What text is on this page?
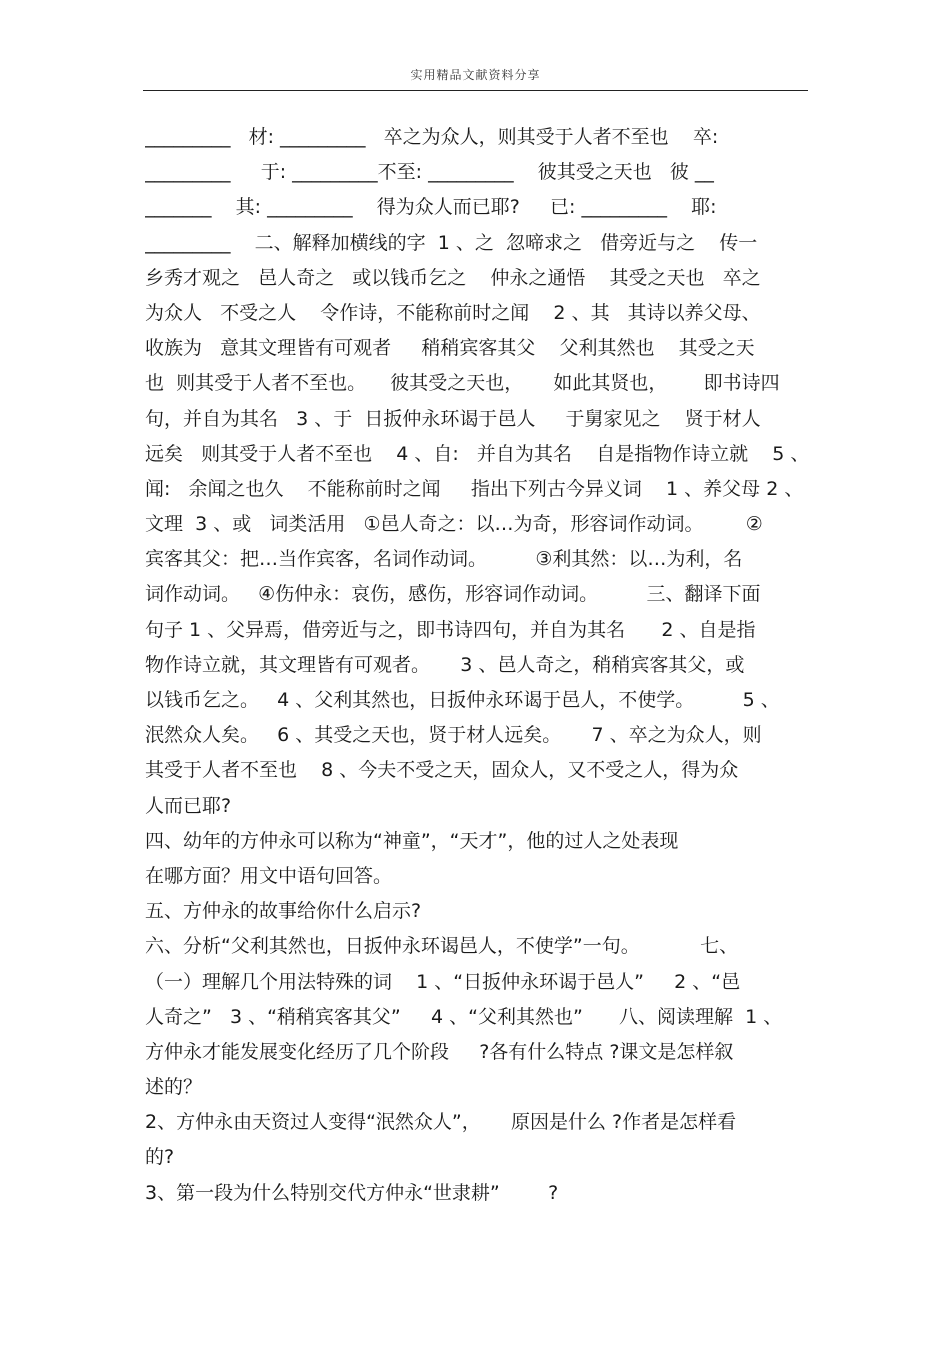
实用精品文献资料分享
_________   材: _________   卒之为众人，则其受于人者不至也    卒:
_________     于: _________不至: _________    彼其受之天也   彼 __
_______    其: _________    得为众人而已耶?     已: _________    耶:
_________    二、解释加横线的字  1 、之  忽啼求之   借旁近与之    传一
乡秀才观之   邑人奇之   或以钱币乞之    仲永之通悟    其受之天也   卒之
为众人   不受之人    令作诗，不能称前时之闻    2 、其   其诗以养父母、
收族为   意其文理皆有可观者     稍稍宾客其父    父利其然也    其受之天
也  则其受于人者不至也。    彼其受之天也，     如此其贤也，      即书诗四
句，并自为其名   3 、于  日扳仲永环谒于邑人     于舅家见之    贤于材人
远矣   则其受于人者不至也    4 、自:   并自为其名    自是指物作诗立就    5 、
闻:   余闻之也久    不能称前时之闻     指出下列古今异义词    1 、养父母 2 、
文理  3 、或   词类活用   ①邑人奇之：以…为奇，形容词作动词。       ②
宾客其父：把…当作宾客，名词作动词。        ③利其然：以…为利，名
词作动词。   ④伤仲永：哀伤，感伤，形容词作动词。        三、翻译下面
句子 1 、父异焉，借旁近与之，即书诗四句，并自为其名      2 、自是指
物作诗立就，其文理皆有可观者。     3 、邑人奇之，稍稍宾客其父，或
以钱币乞之。   4 、父利其然也，日扳仲永环谒于邑人，不使学。        5 、
泯然众人矣。   6 、其受之天也，贤于材人远矣。     7 、卒之为众人，则
其受于人者不至也    8 、今夫不受之天，固众人，又不受之人，得为众
人而已耶?
四、幼年的方仲永可以称为“神童”，“天才”，他的过人之处表现
在哪方面？用文中语句回答。
五、方仲永的故事给你什么启示?
六、分析“父利其然也，日扳仲永环谒邑人，不使学”一句。          七、
（一）理解几个用法特殊的词    1 、“日扳仲永环谒于邑人”     2 、“邑
人奇之”   3 、“稍稍宾客其父”     4 、“父利其然也”      八、阅读理解  1 、
方仲永才能发展变化经历了几个阶段     ?各有什么特点 ?课文是怎样叙
述的？
2、方仲永由天资过人变得“泯然众人”，     原因是什么 ?作者是怎样看
的?
3、第一段为什么特别交代方仲永“世隶耕”        ?
